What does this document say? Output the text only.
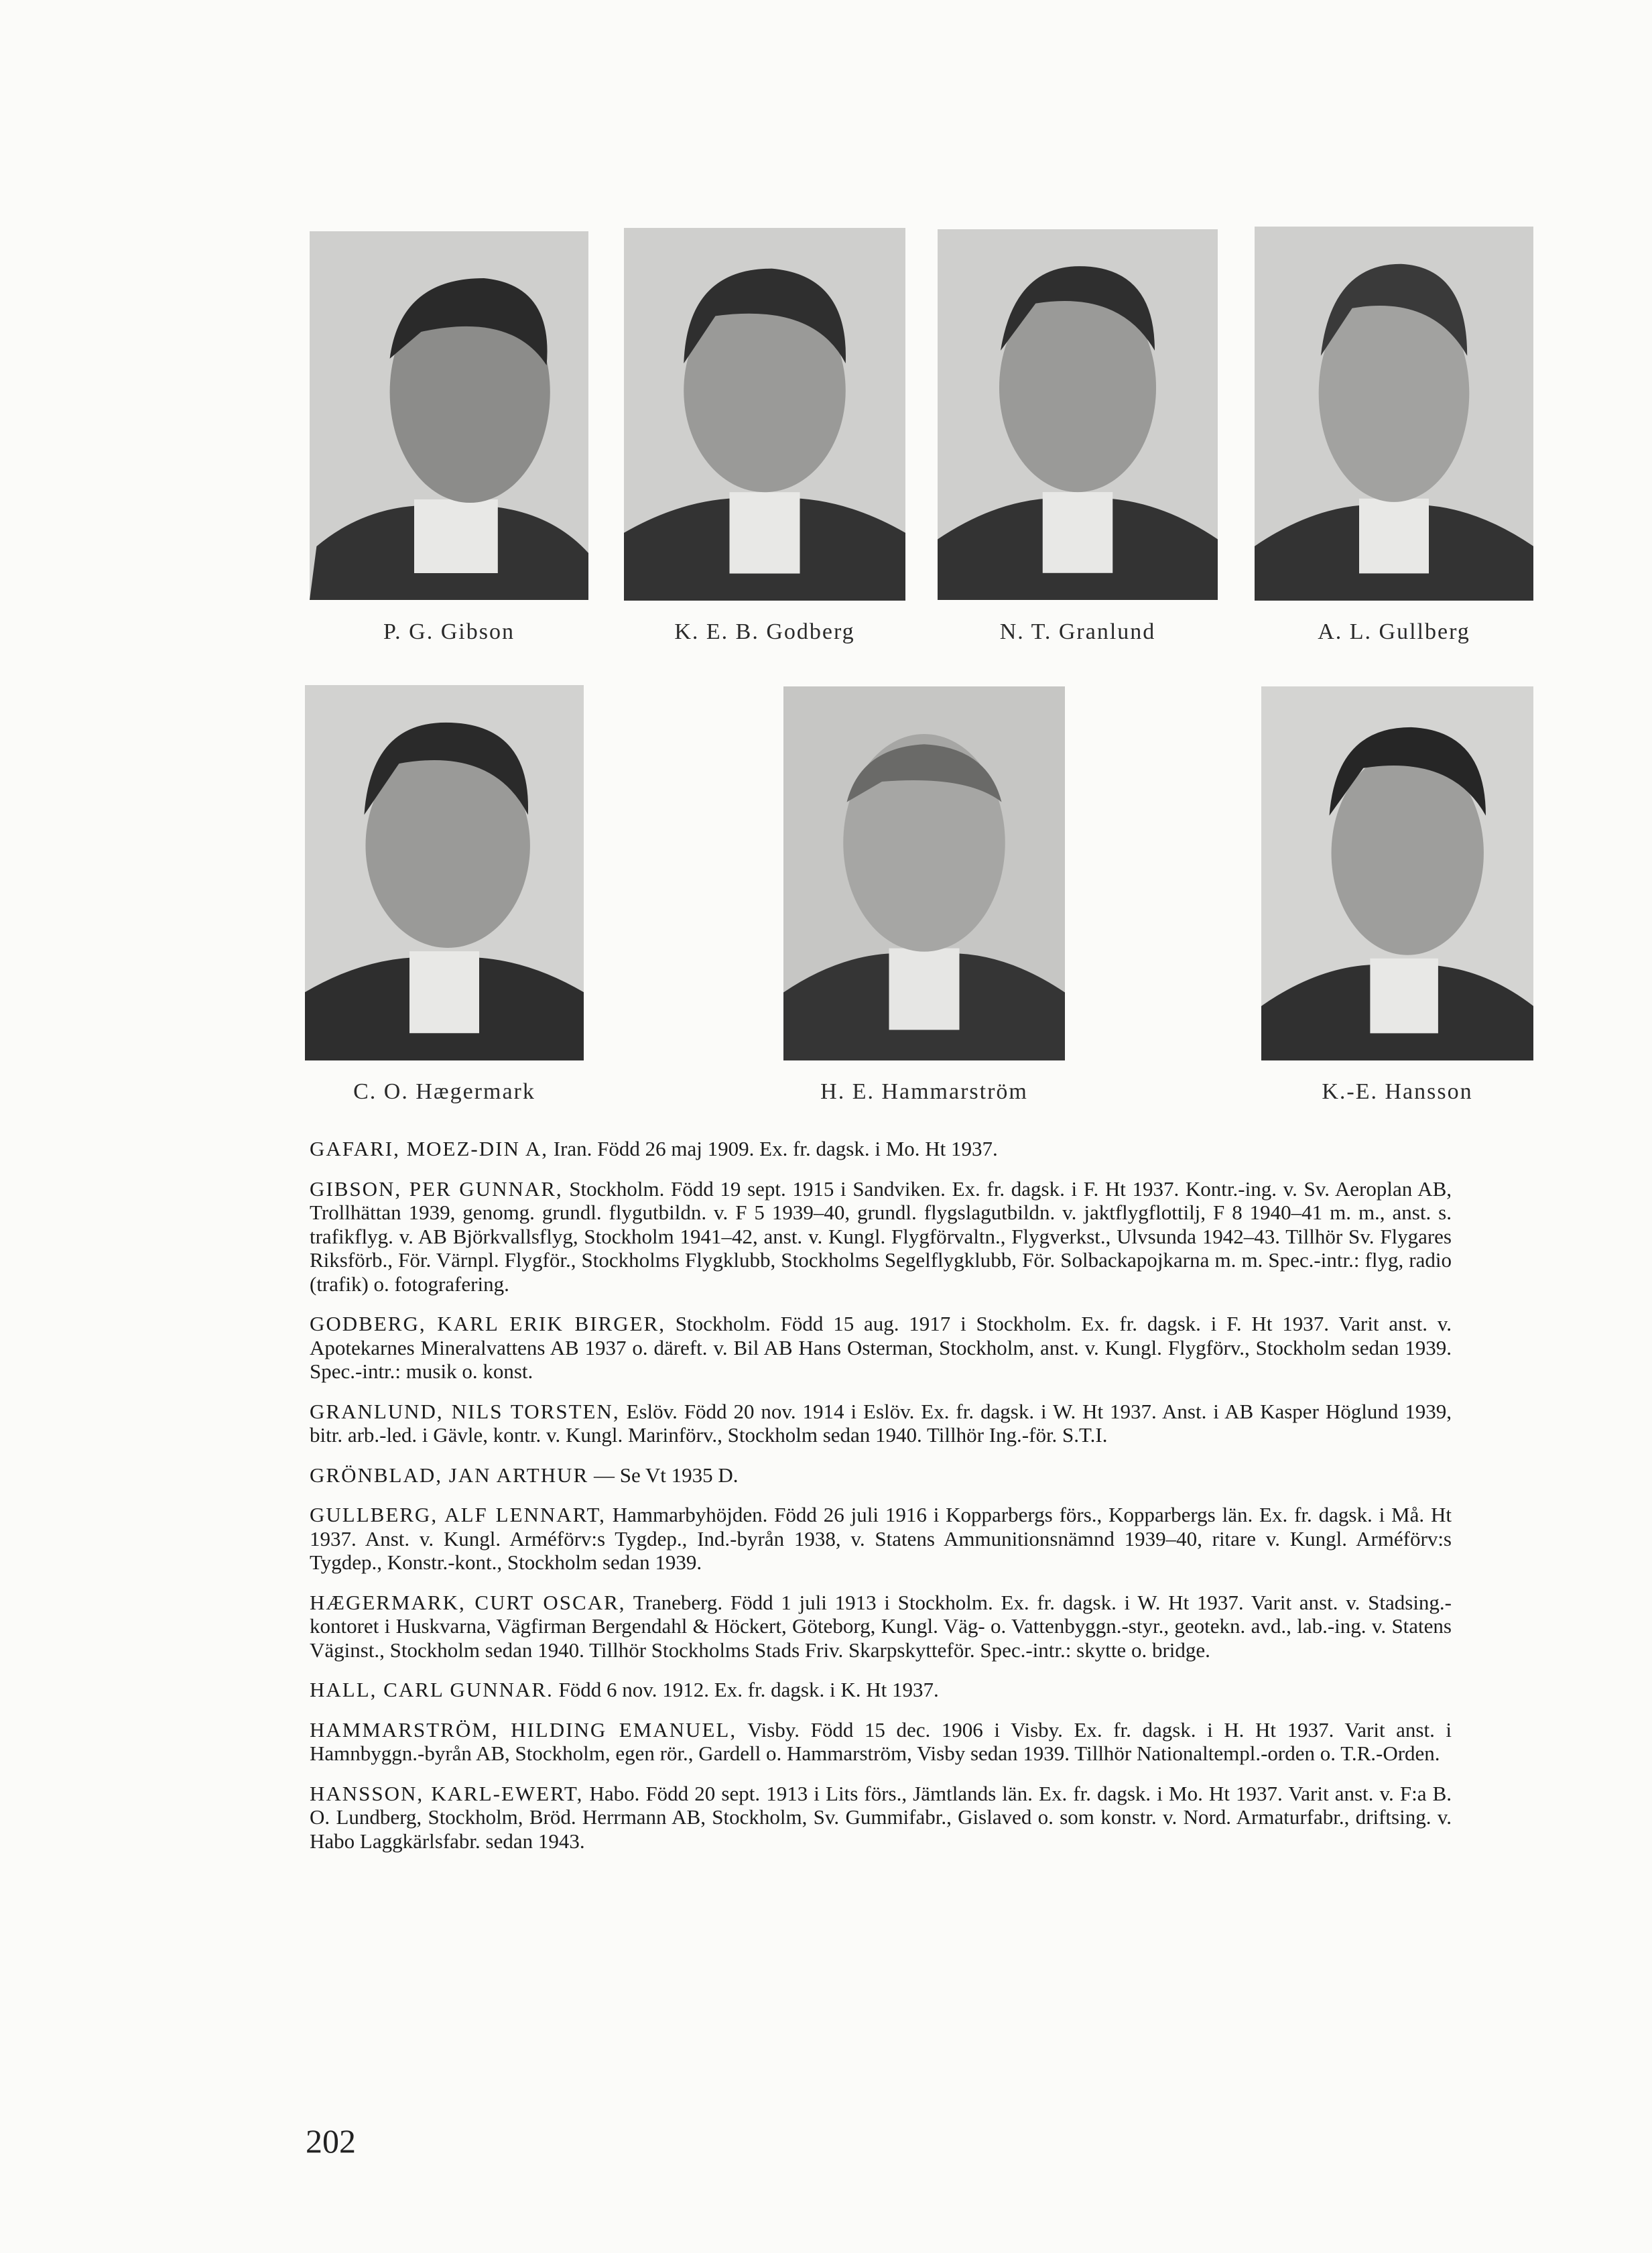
P. G. Gibson	K. E. B. Godberg	N. T. Granlund	A. L. Gullberg
C. O. Hægermark	H. E. Hammarström	K.-E. Hansson

GAFARI, MOEZ-DIN A, Iran. Född 26 maj 1909. Ex. fr. dagsk. i Mo. Ht 1937.

GIBSON, PER GUNNAR, Stockholm. Född 19 sept. 1915 i Sandviken. Ex. fr. dagsk. i F. Ht 1937. Kontr.-ing. v. Sv. Aeroplan AB, Trollhättan 1939, genomg. grundl. flygutbildn. v. F 5 1939–40, grundl. flygslagutbildn. v. jaktflygflottilj, F 8 1940–41 m. m., anst. s. trafikflyg. v. AB Björkvallsflyg, Stockholm 1941–42, anst. v. Kungl. Flygförvaltn., Flygverkst., Ulvsunda 1942–43. Tillhör Sv. Flygares Riksförb., För. Värnpl. Flygför., Stockholms Flygklubb, Stockholms Segelflygklubb, För. Solbackapojkarna m. m. Spec.-intr.: flyg, radio (trafik) o. fotografering.

GODBERG, KARL ERIK BIRGER, Stockholm. Född 15 aug. 1917 i Stockholm. Ex. fr. dagsk. i F. Ht 1937. Varit anst. v. Apotekarnes Mineralvattens AB 1937 o. däreft. v. Bil AB Hans Osterman, Stockholm, anst. v. Kungl. Flygförv., Stockholm sedan 1939. Spec.-intr.: musik o. konst.

GRANLUND, NILS TORSTEN, Eslöv. Född 20 nov. 1914 i Eslöv. Ex. fr. dagsk. i W. Ht 1937. Anst. i AB Kasper Höglund 1939, bitr. arb.-led. i Gävle, kontr. v. Kungl. Marinförv., Stockholm sedan 1940. Tillhör Ing.-för. S.T.I.

GRÖNBLAD, JAN ARTHUR — Se Vt 1935 D.

GULLBERG, ALF LENNART, Hammarbyhöjden. Född 26 juli 1916 i Kopparbergs förs., Kopparbergs län. Ex. fr. dagsk. i Må. Ht 1937. Anst. v. Kungl. Arméförv:s Tygdep., Ind.-byrån 1938, v. Statens Ammunitionsnämnd 1939–40, ritare v. Kungl. Arméförv:s Tygdep., Konstr.-kont., Stockholm sedan 1939.

HÆGERMARK, CURT OSCAR, Traneberg. Född 1 juli 1913 i Stockholm. Ex. fr. dagsk. i W. Ht 1937. Varit anst. v. Stadsing.-kontoret i Huskvarna, Vägfirman Bergendahl & Höckert, Göteborg, Kungl. Väg- o. Vattenbyggn.-styr., geotekn. avd., lab.-ing. v. Statens Väginst., Stockholm sedan 1940. Tillhör Stockholms Stads Friv. Skarpskytteför. Spec.-intr.: skytte o. bridge.

HALL, CARL GUNNAR. Född 6 nov. 1912. Ex. fr. dagsk. i K. Ht 1937.

HAMMARSTRÖM, HILDING EMANUEL, Visby. Född 15 dec. 1906 i Visby. Ex. fr. dagsk. i H. Ht 1937. Varit anst. i Hamnbyggn.-byrån AB, Stockholm, egen rör., Gardell o. Hammarström, Visby sedan 1939. Tillhör Nationaltempl.-orden o. T.R.-Orden.

HANSSON, KARL-EWERT, Habo. Född 20 sept. 1913 i Lits förs., Jämtlands län. Ex. fr. dagsk. i Mo. Ht 1937. Varit anst. v. F:a B. O. Lundberg, Stockholm, Bröd. Herrmann AB, Stockholm, Sv. Gummifabr., Gislaved o. som konstr. v. Nord. Armaturfabr., driftsing. v. Habo Laggkärlsfabr. sedan 1943.

202
